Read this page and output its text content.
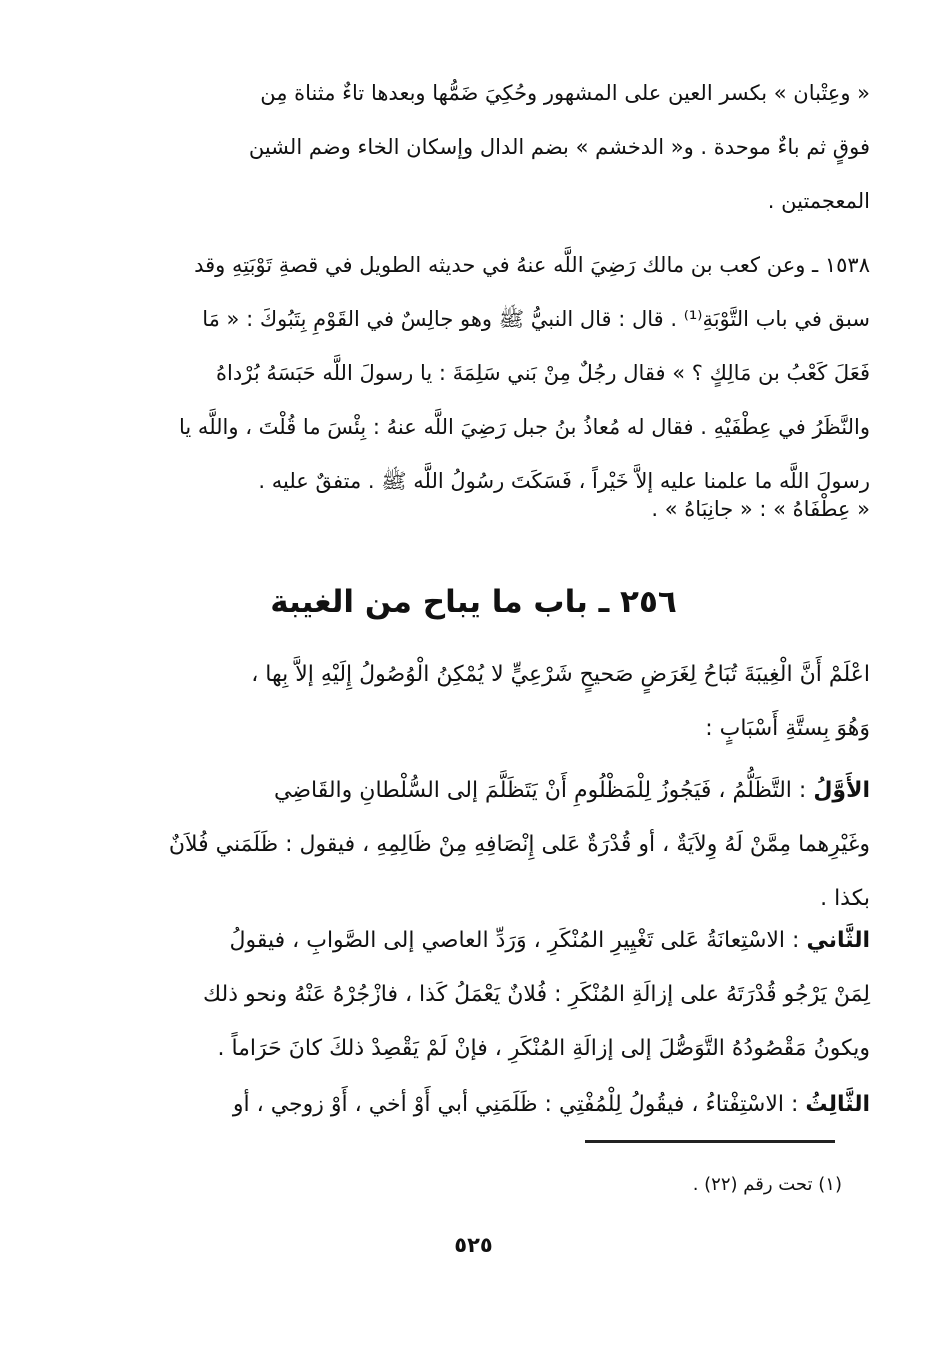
« وعِتْبان » بكسر العين على المشهور وحُكِيَ ضَمُّها وبعدها تاءٌ مثناة مِن
فوقٍ ثم باءٌ موحدة . و« الدخشم » بضم الدال وإسكان الخاء وضم الشين
المعجمتين .

١٥٣٨ ـ وعن كعب بن مالك رَضِيَ اللَّه عنهُ في حديثه الطويل في قصةِ تَوْبَتِهِ وقد
سبق في باب التَّوْبَةِ⁽¹⁾ . قال : قال النبيُّ ﷺ وهو جالِسٌ في القَوْمِ بِتَبُوكَ : « مَا
فَعَلَ كَعْبُ بن مَالِكٍ ؟ » فقال رجُلٌ مِنْ بَني سَلِمَةَ : يا رسولَ اللَّه حَبَسَهُ بُرْداهُ
والنَّظَرُ في عِطْفَيْهِ . فقال له مُعاذُ بنُ جبل رَضِيَ اللَّه عنهُ : بِئْسَ ما قُلْتَ ، واللَّه يا
رسولَ اللَّه ما علمنا عليه إلاَّ خَيْراً ، فَسَكَتَ رسُولُ اللَّه ﷺ . متفقٌ عليه .

« عِطْفَاهُ » : « جانِبَاهُ » .

٢٥٦ ـ باب ما يباح من الغيبة

اعْلَمْ أَنَّ الْغِيبَةَ تُبَاحُ لِغَرَضٍ صَحيحٍ شَرْعِيٍّ لا يُمْكِنُ الْوُصُولُ إِلَيْهِ إلاَّ بِها ،
وَهُوَ بِستَّةِ أَسْبَابٍ :

الأَوَّلُ : التَّظَلُّمُ ، فَيَجُوزُ لِلْمَظْلُومِ أَنْ يَتَظَلَّمَ إلى السُّلْطانِ والقَاضِي
وغَيْرِهما مِمَّنْ لَهُ وِلاَيَةٌ ، أو قُدْرَةٌ عَلى إِنْصَافِهِ مِنْ ظَالِمِهِ ، فيقول : ظَلَمَني فُلاَنٌ
بكذا .

الثَّاني : الاسْتِعانَةُ عَلى تَغْيِيرِ المُنْكَرِ ، وَرَدِّ العاصي إلى الصَّوابِ ، فيقولُ
لِمَنْ يَرْجُو قُدْرَتَهُ على إزالَةِ المُنْكَرِ : فُلانٌ يَعْمَلُ كَذا ، فازْجُرْهُ عَنْهُ ونحو ذلك
ويكونُ مَقْصُودُهُ التَّوَصُّلَ إلى إزالَةِ المُنْكَرِ ، فإنْ لَمْ يَقْصِدْ ذلكَ كانَ حَرَاماً .

الثَّالِثُ : الاسْتِفْتاءُ ، فيقُولُ لِلْمُفْتِي : ظَلَمَنِي أبي أَوْ أخي ، أَوْ زوجي ، أو

(١) تحت رقم (٢٢) .

٥٢٥
